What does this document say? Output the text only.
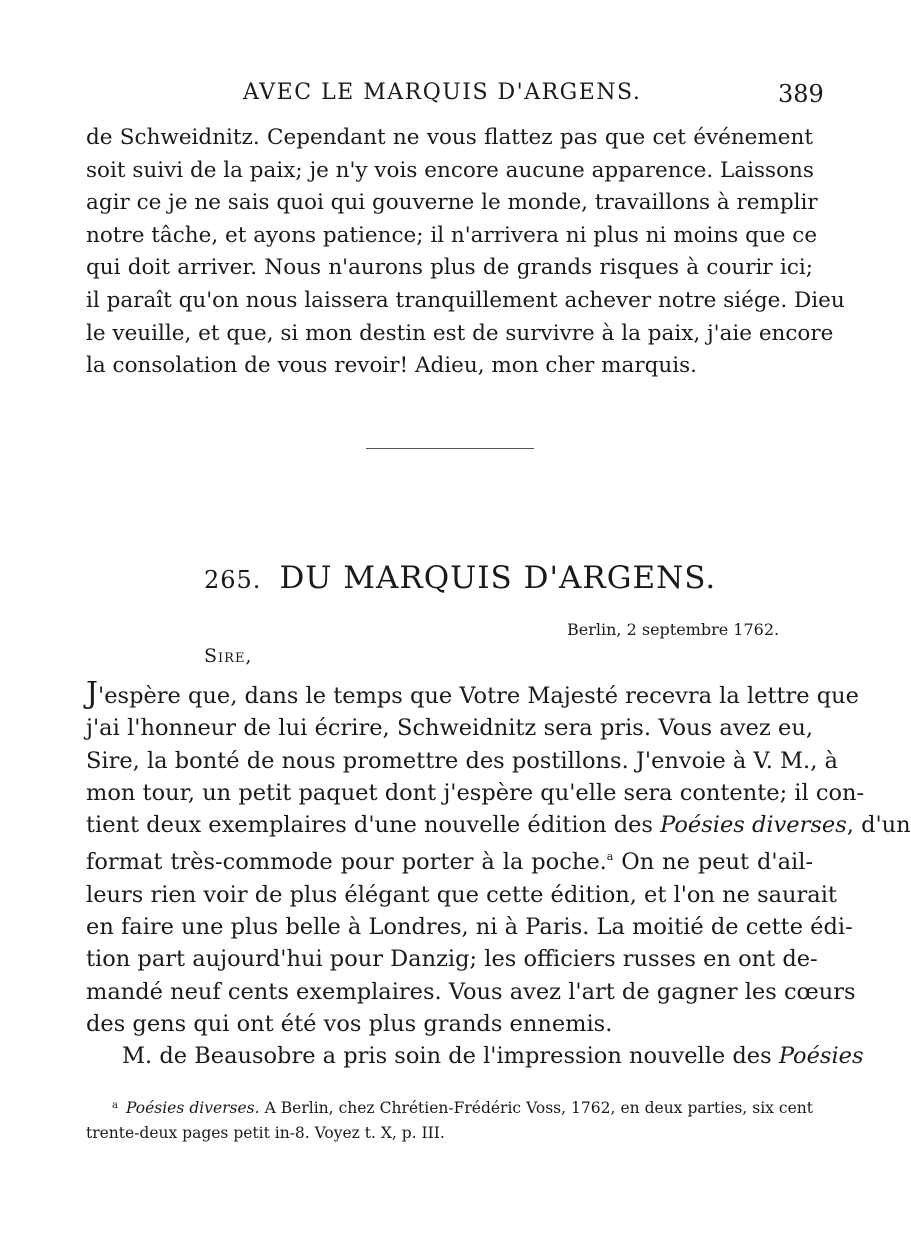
AVEC LE MARQUIS D'ARGENS.	389
de Schweidnitz. Cependant ne vous flattez pas que cet événement
soit suivi de la paix; je n'y vois encore aucune apparence. Laissons
agir ce je ne sais quoi qui gouverne le monde, travaillons à remplir
notre tâche, et ayons patience; il n'arrivera ni plus ni moins que ce
qui doit arriver. Nous n'aurons plus de grands risques à courir ici;
il paraît qu'on nous laissera tranquillement achever notre siége. Dieu
le veuille, et que, si mon destin est de survivre à la paix, j'aie encore
la consolation de vous revoir! Adieu, mon cher marquis.
265. DU MARQUIS D'ARGENS.
Berlin, 2 septembre 1762.
Sire,
J'espère que, dans le temps que Votre Majesté recevra la lettre que
j'ai l'honneur de lui écrire, Schweidnitz sera pris. Vous avez eu,
Sire, la bonté de nous promettre des postillons. J'envoie à V. M., à
mon tour, un petit paquet dont j'espère qu'elle sera contente; il con-
tient deux exemplaires d'une nouvelle édition des Poésies diverses, d'un
format très-commode pour porter à la poche.$^a$ On ne peut d'ail-
leurs rien voir de plus élégant que cette édition, et l'on ne saurait
en faire une plus belle à Londres, ni à Paris. La moitié de cette édi-
tion part aujourd'hui pour Danzig; les officiers russes en ont de-
mandé neuf cents exemplaires. Vous avez l'art de gagner les cœurs
des gens qui ont été vos plus grands ennemis.
M. de Beausobre a pris soin de l'impression nouvelle des Poésies
$^a$ Poésies diverses. A Berlin, chez Chrétien-Frédéric Voss, 1762, en deux parties, six cent
trente-deux pages petit in-8. Voyez t. X, p. III.
